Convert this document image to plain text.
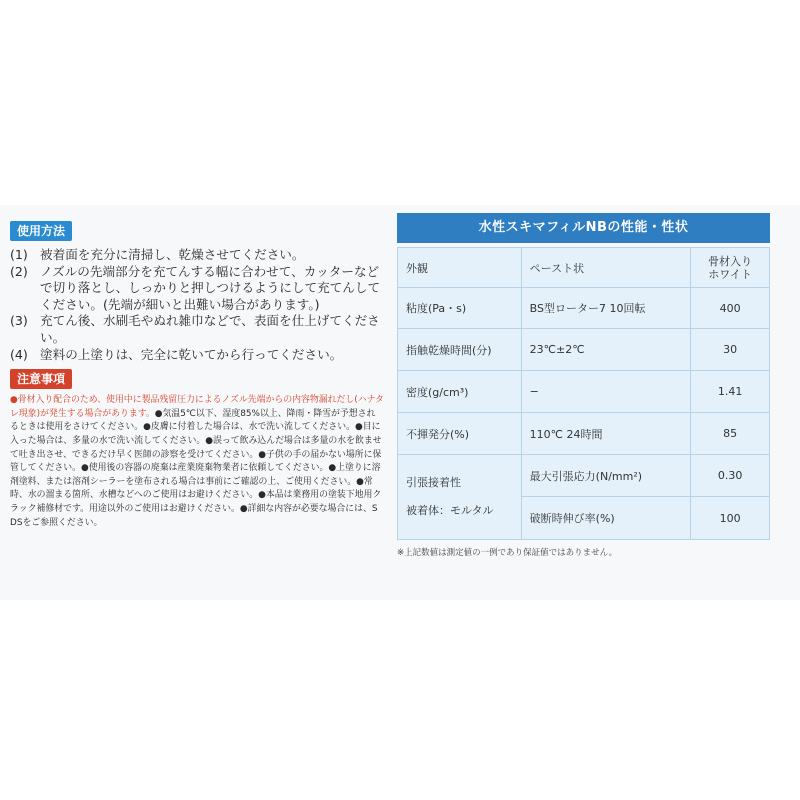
使用方法
(1) 被着面を充分に清掃し、乾燥させてください。
(2) ノズルの先端部分を充てんする幅に合わせて、カッターなどで切り落とし、しっかりと押しつけるようにして充てんしてください。(先端が細いと出難い場合があります。)
(3) 充てん後、水刷毛やぬれ雑巾などで、表面を仕上げてください。
(4) 塗料の上塗りは、完全に乾いてから行ってください。
注意事項
●骨材入り配合のため、使用中に製品残留圧力によるノズル先端からの内容物漏れだし(ハナタレ現象)が発生する場合があります。●気温5℃以下、湿度85%以上、降雨・降雪が予想されるときは使用をさけてください。●皮膚に付着した場合は、水で洗い流してください。●目に入った場合は、多量の水で洗い流してください。●誤って飲み込んだ場合は多量の水を飲ませて吐き出させ、できるだけ早く医師の診察を受けてください。●子供の手の届かない場所に保管してください。●使用後の容器の廃棄は産業廃棄物業者に依頼してください。●上塗りに溶剤塗料、または溶剤シーラーを塗布される場合は事前にご確認の上、ご使用ください。●常時、水の溜まる箇所、水槽などへのご使用はお避けください。●本品は業務用の塗装下地用クラック補修材です。用途以外のご使用はお避けください。●詳細な内容が必要な場合には、SDSをご参照ください。
水性スキマフィルNBの性能・性状
外観	ペースト状	骨材入り
ホワイト
粘度(Pa・s)	BS型ローター7 10回転	400
指触乾燥時間(分)	23℃±2℃	30
密度(g/cm³)	−	1.41
不揮発分(%)	110℃ 24時間	85

引張接着性
被着体：モルタル	最大引張応力(N/mm²)	0.30
	破断時伸び率(%)	100
※上記数値は測定値の一例であり保証値ではありません。
